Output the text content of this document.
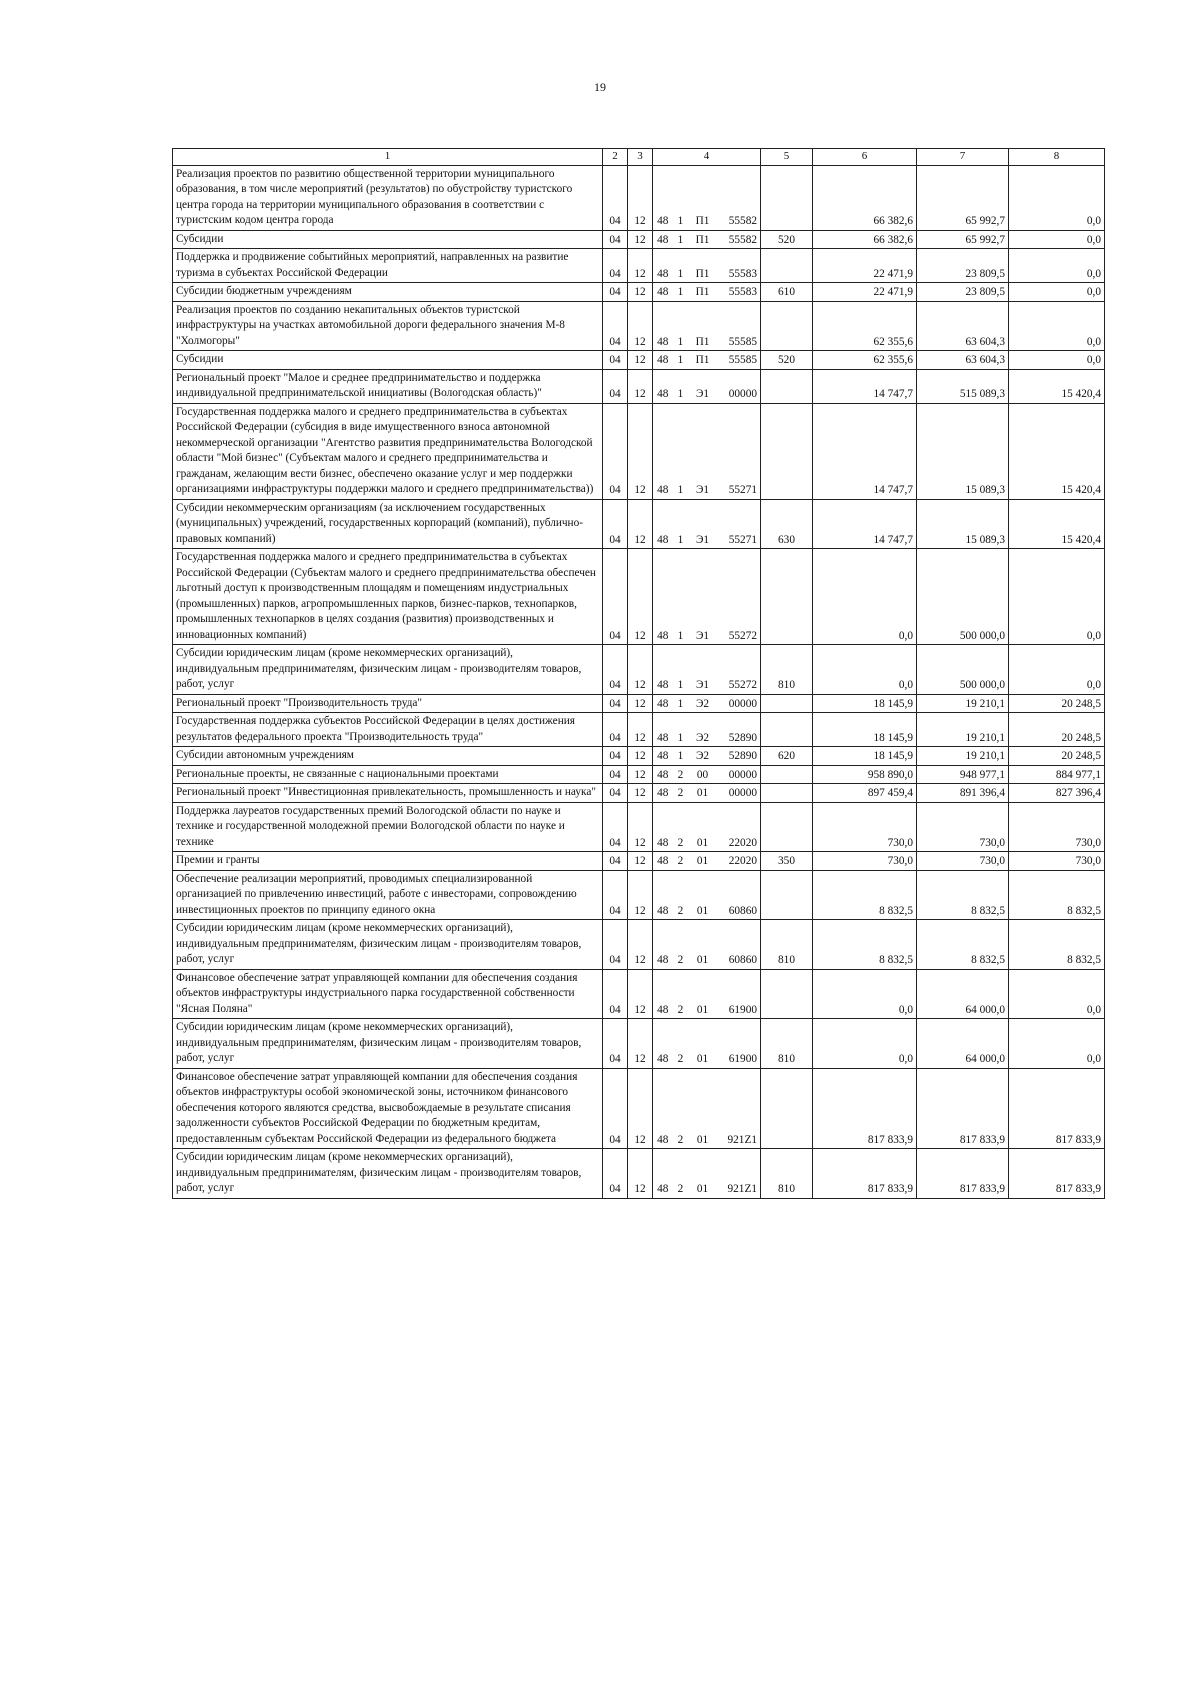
19
1	2	3	4				5	6	7	8
Реализация проектов по развитию общественной территории муниципального образования, в том числе мероприятий (результатов) по обустройству туристского центра города на территории муниципального образования в соответствии с туристским кодом центра города	04	12	48	1	П1	55582		66 382,6	65 992,7	0,0
Субсидии	04	12	48	1	П1	55582	520	66 382,6	65 992,7	0,0
Поддержка и продвижение событийных мероприятий, направленных на развитие туризма в субъектах Российской Федерации	04	12	48	1	П1	55583		22 471,9	23 809,5	0,0
Субсидии бюджетным учреждениям	04	12	48	1	П1	55583	610	22 471,9	23 809,5	0,0
Реализация проектов по созданию некапитальных объектов туристской инфраструктуры на участках автомобильной дороги федерального значения М-8 "Холмогоры"	04	12	48	1	П1	55585		62 355,6	63 604,3	0,0
Субсидии	04	12	48	1	П1	55585	520	62 355,6	63 604,3	0,0
Региональный проект "Малое и среднее предпринимательство и поддержка индивидуальной предпринимательской инициативы (Вологодская область)"	04	12	48	1	Э1	00000		14 747,7	515 089,3	15 420,4
Государственная поддержка малого и среднего предпринимательства в субъектах Российской Федерации (субсидия в виде имущественного взноса автономной некоммерческой организации "Агентство развития предпринимательства Вологодской области "Мой бизнес" (Субъектам малого и среднего предпринимательства и гражданам, желающим вести бизнес, обеспечено оказание услуг и мер поддержки организациями инфраструктуры поддержки малого и среднего предпринимательства))	04	12	48	1	Э1	55271		14 747,7	15 089,3	15 420,4
Субсидии некоммерческим организациям (за исключением государственных (муниципальных) учреждений, государственных корпораций (компаний), публично-правовых компаний)	04	12	48	1	Э1	55271	630	14 747,7	15 089,3	15 420,4
Государственная поддержка малого и среднего предпринимательства в субъектах Российской Федерации (Субъектам малого и среднего предпринимательства обеспечен льготный доступ к производственным площадям и помещениям индустриальных (промышленных) парков, агропромышленных парков, бизнес-парков, технопарков, промышленных технопарков в целях создания (развития) производственных и инновационных компаний)	04	12	48	1	Э1	55272		0,0	500 000,0	0,0
Субсидии юридическим лицам (кроме некоммерческих организаций), индивидуальным предпринимателям, физическим лицам - производителям товаров, работ, услуг	04	12	48	1	Э1	55272	810	0,0	500 000,0	0,0
Региональный проект "Производительность труда"	04	12	48	1	Э2	00000		18 145,9	19 210,1	20 248,5
Государственная поддержка субъектов Российской Федерации в целях достижения результатов федерального проекта "Производительность труда"	04	12	48	1	Э2	52890		18 145,9	19 210,1	20 248,5
Субсидии автономным учреждениям	04	12	48	1	Э2	52890	620	18 145,9	19 210,1	20 248,5
Региональные проекты, не связанные с национальными проектами	04	12	48	2	00	00000		958 890,0	948 977,1	884 977,1
Региональный проект "Инвестиционная привлекательность, промышленность и наука"	04	12	48	2	01	00000		897 459,4	891 396,4	827 396,4
Поддержка лауреатов государственных премий Вологодской области по науке и технике и государственной молодежной премии Вологодской области по науке и технике	04	12	48	2	01	22020		730,0	730,0	730,0
Премии и гранты	04	12	48	2	01	22020	350	730,0	730,0	730,0
Обеспечение реализации мероприятий, проводимых специализированной организацией по привлечению инвестиций, работе с инвесторами, сопровождению инвестиционных проектов по принципу единого окна	04	12	48	2	01	60860		8 832,5	8 832,5	8 832,5
Субсидии юридическим лицам (кроме некоммерческих организаций), индивидуальным предпринимателям, физическим лицам - производителям товаров, работ, услуг	04	12	48	2	01	60860	810	8 832,5	8 832,5	8 832,5
Финансовое обеспечение затрат управляющей компании для обеспечения создания объектов инфраструктуры индустриального парка государственной собственности "Ясная Поляна"	04	12	48	2	01	61900		0,0	64 000,0	0,0
Субсидии юридическим лицам (кроме некоммерческих организаций), индивидуальным предпринимателям, физическим лицам - производителям товаров, работ, услуг	04	12	48	2	01	61900	810	0,0	64 000,0	0,0
Финансовое обеспечение затрат управляющей компании для обеспечения создания объектов инфраструктуры особой экономической зоны, источником финансового обеспечения которого являются средства, высвобождаемые в результате списания задолженности субъектов Российской Федерации по бюджетным кредитам, предоставленным субъектам Российской Федерации из федерального бюджета	04	12	48	2	01	921Z1		817 833,9	817 833,9	817 833,9
Субсидии юридическим лицам (кроме некоммерческих организаций), индивидуальным предпринимателям, физическим лицам - производителям товаров, работ, услуг	04	12	48	2	01	921Z1	810	817 833,9	817 833,9	817 833,9
